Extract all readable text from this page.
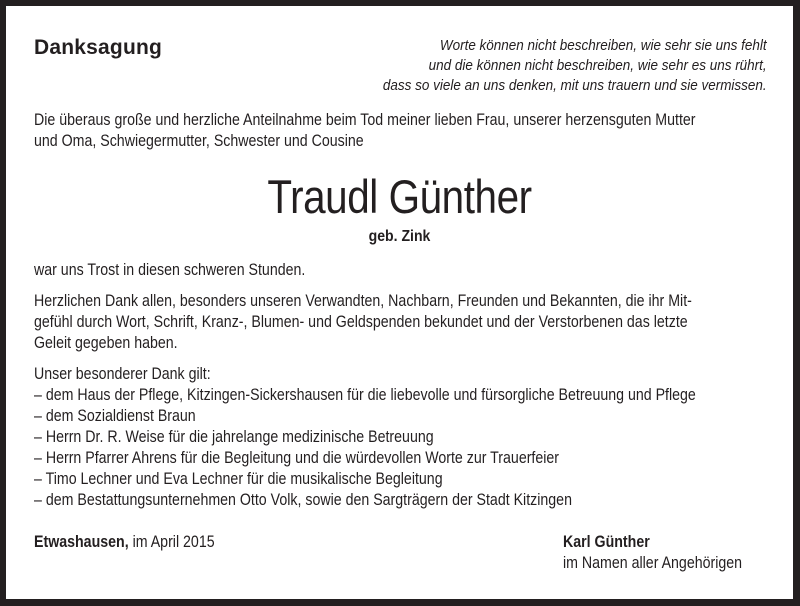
Danksagung	Worte können nicht beschreiben, wie sehr sie uns fehlt
und die können nicht beschreiben, wie sehr es uns rührt,
dass so viele an uns denken, mit uns trauern und sie vermissen.
Die überaus große und herzliche Anteilnahme beim Tod meiner lieben Frau, unserer herzensguten Mutter
und Oma, Schwiegermutter, Schwester und Cousine
Traudl Günther
geb. Zink
war uns Trost in diesen schweren Stunden.
Herzlichen Dank allen, besonders unseren Verwandten, Nachbarn, Freunden und Bekannten, die ihr Mit-
gefühl durch Wort, Schrift, Kranz-, Blumen- und Geldspenden bekundet und der Verstorbenen das letzte
Geleit gegeben haben.
Unser besonderer Dank gilt:
– dem Haus der Pflege, Kitzingen-Sickershausen für die liebevolle und fürsorgliche Betreuung und Pflege
– dem Sozialdienst Braun
– Herrn Dr. R. Weise für die jahrelange medizinische Betreuung
– Herrn Pfarrer Ahrens für die Begleitung und die würdevollen Worte zur Trauerfeier
– Timo Lechner und Eva Lechner für die musikalische Begleitung
– dem Bestattungsunternehmen Otto Volk, sowie den Sargträgern der Stadt Kitzingen
Etwashausen, im April 2015	Karl Günther
im Namen aller Angehörigen
